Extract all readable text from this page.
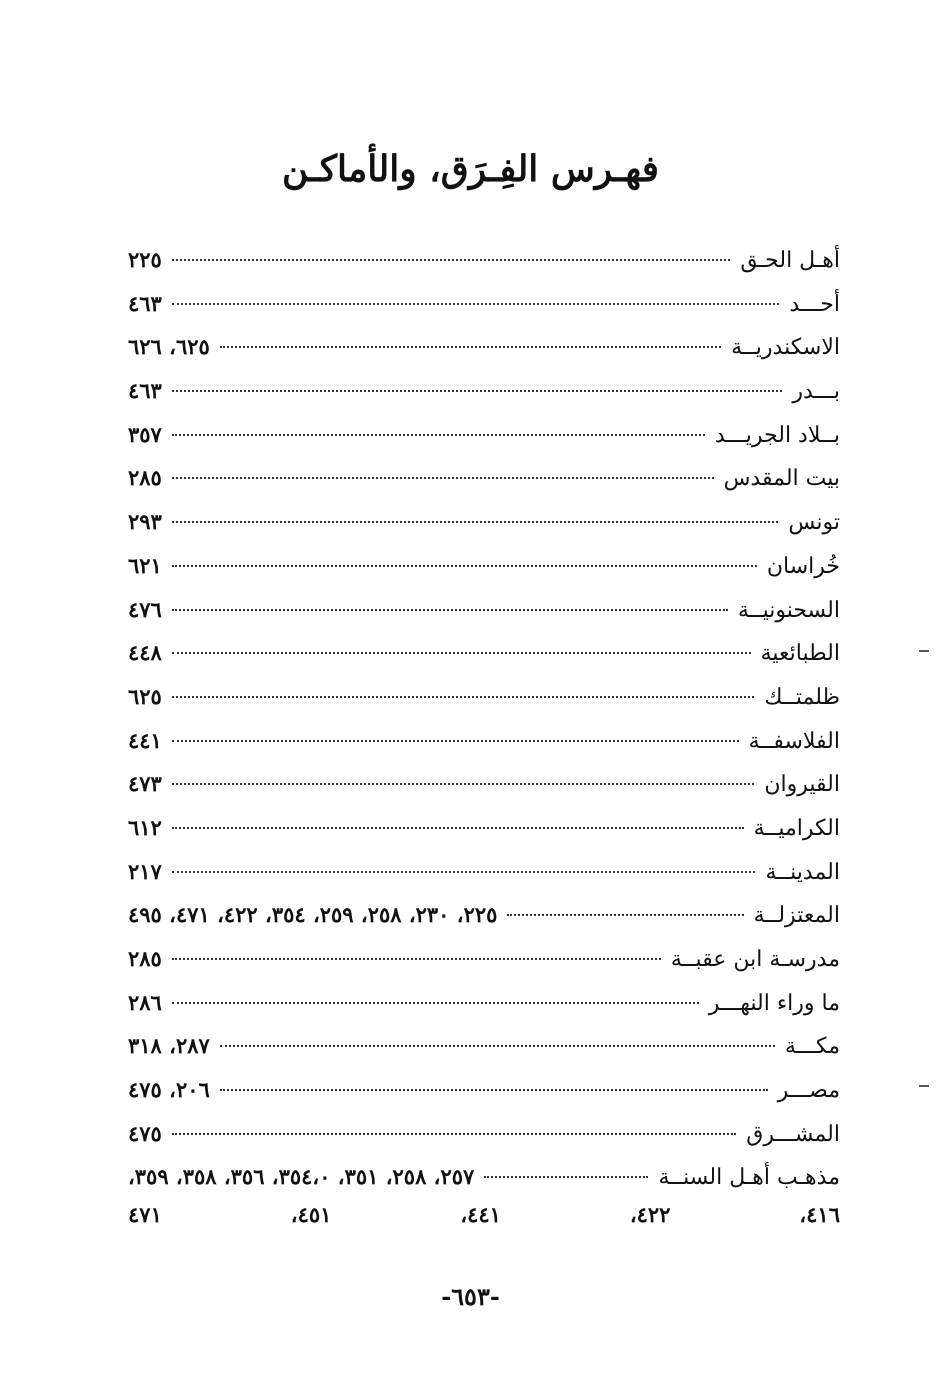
فهـرس الفِـرَق، والأماكـن
أهـل الحـق
٢٢٥
أحـــد
٤٦٣
الاسكندريــة
٦٢٥، ٦٢٦
بـــدر
٤٦٣
بــلاد الجريـــد
٣٥٧
بيت المقدس
٢٨٥
تونس
٢٩٣
خُراسان
٦٢١
السحنونيــة
٤٧٦
الطبائعية
٤٤٨
ظلمتــك
٦٢٥
الفلاسفــة
٤٤١
القيروان
٤٧٣
الكراميــة
٦١٢
المدينــة
٢١٧
المعتزلــة
٢٢٥، ٢٣٠، ٢٥٨، ٢٥٩، ٣٥٤، ٤٢٢، ٤٧١، ٤٩٥
مدرسـة ابن عقبــة
٢٨٥
ما وراء النهـــر
٢٨٦
مكـــة
٢٨٧، ٣١٨
مصـــر
٢٠٦، ٤٧٥
المشـــرق
٤٧٥
مذهـب أهـل السنــة
٢٥٧، ٢٥٨، ٣٥١، ٣٥٤،٠، ٣٥٦، ٣٥٨، ٣٥٩،
٤١٦،
٤٢٢،
٤٤١،
٤٥١،
٤٧١
-٦٥٣-
